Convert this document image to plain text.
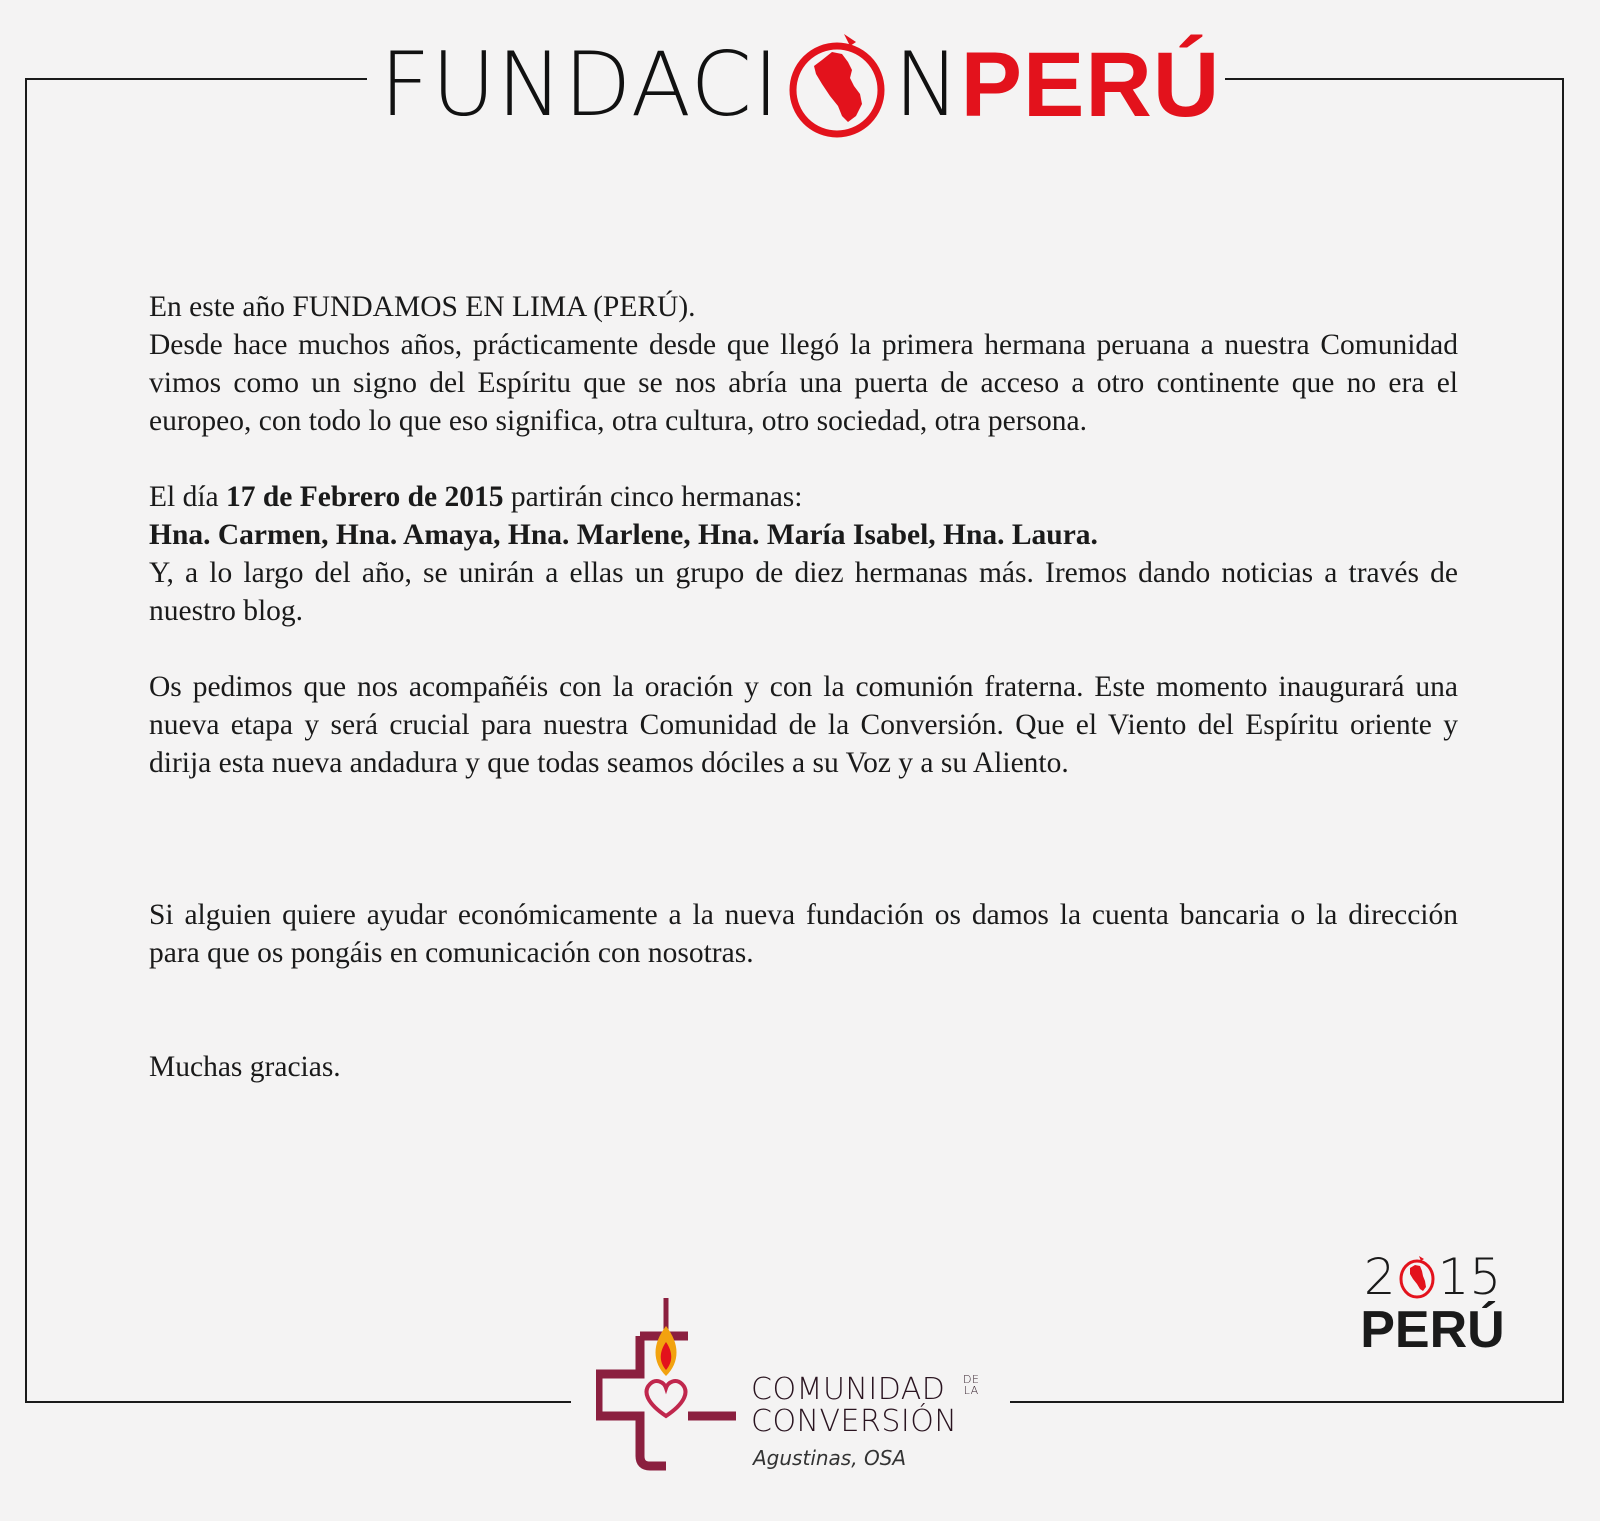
FUNDACI N PERÚ

En este año FUNDAMOS EN LIMA (PERÚ).

Desde hace muchos años, prácticamente desde que llegó la primera hermana peruana a nuestra Comunidad vimos como un signo del Espíritu que se nos abría una puerta de acceso a otro continente que no era el europeo, con todo lo que eso significa, otra cultura, otro sociedad, otra persona.

El día 17 de Febrero de 2015 partirán cinco hermanas:

Hna. Carmen, Hna. Amaya, Hna. Marlene, Hna. María Isabel, Hna. Laura.

Y, a lo largo del año, se unirán a ellas un grupo de diez hermanas más. Iremos dando noticias a través de nuestro blog.

Os pedimos que nos acompañéis con la oración y con la comunión fraterna. Este momento inaugurará una nueva etapa y será crucial para nuestra Comunidad de la Conversión. Que el Viento del Espíritu oriente y dirija esta nueva andadura y que todas seamos dóciles a su Voz y a su Aliento.

Si alguien quiere ayudar económicamente a la nueva fundación os damos la cuenta bancaria o la dirección para que os pongáis en comunicación con nosotras.

Muchas gracias.

2 15
PERÚ
COMUNIDAD	DE
LA
CONVERSIÓN
Agustinas, OSA
